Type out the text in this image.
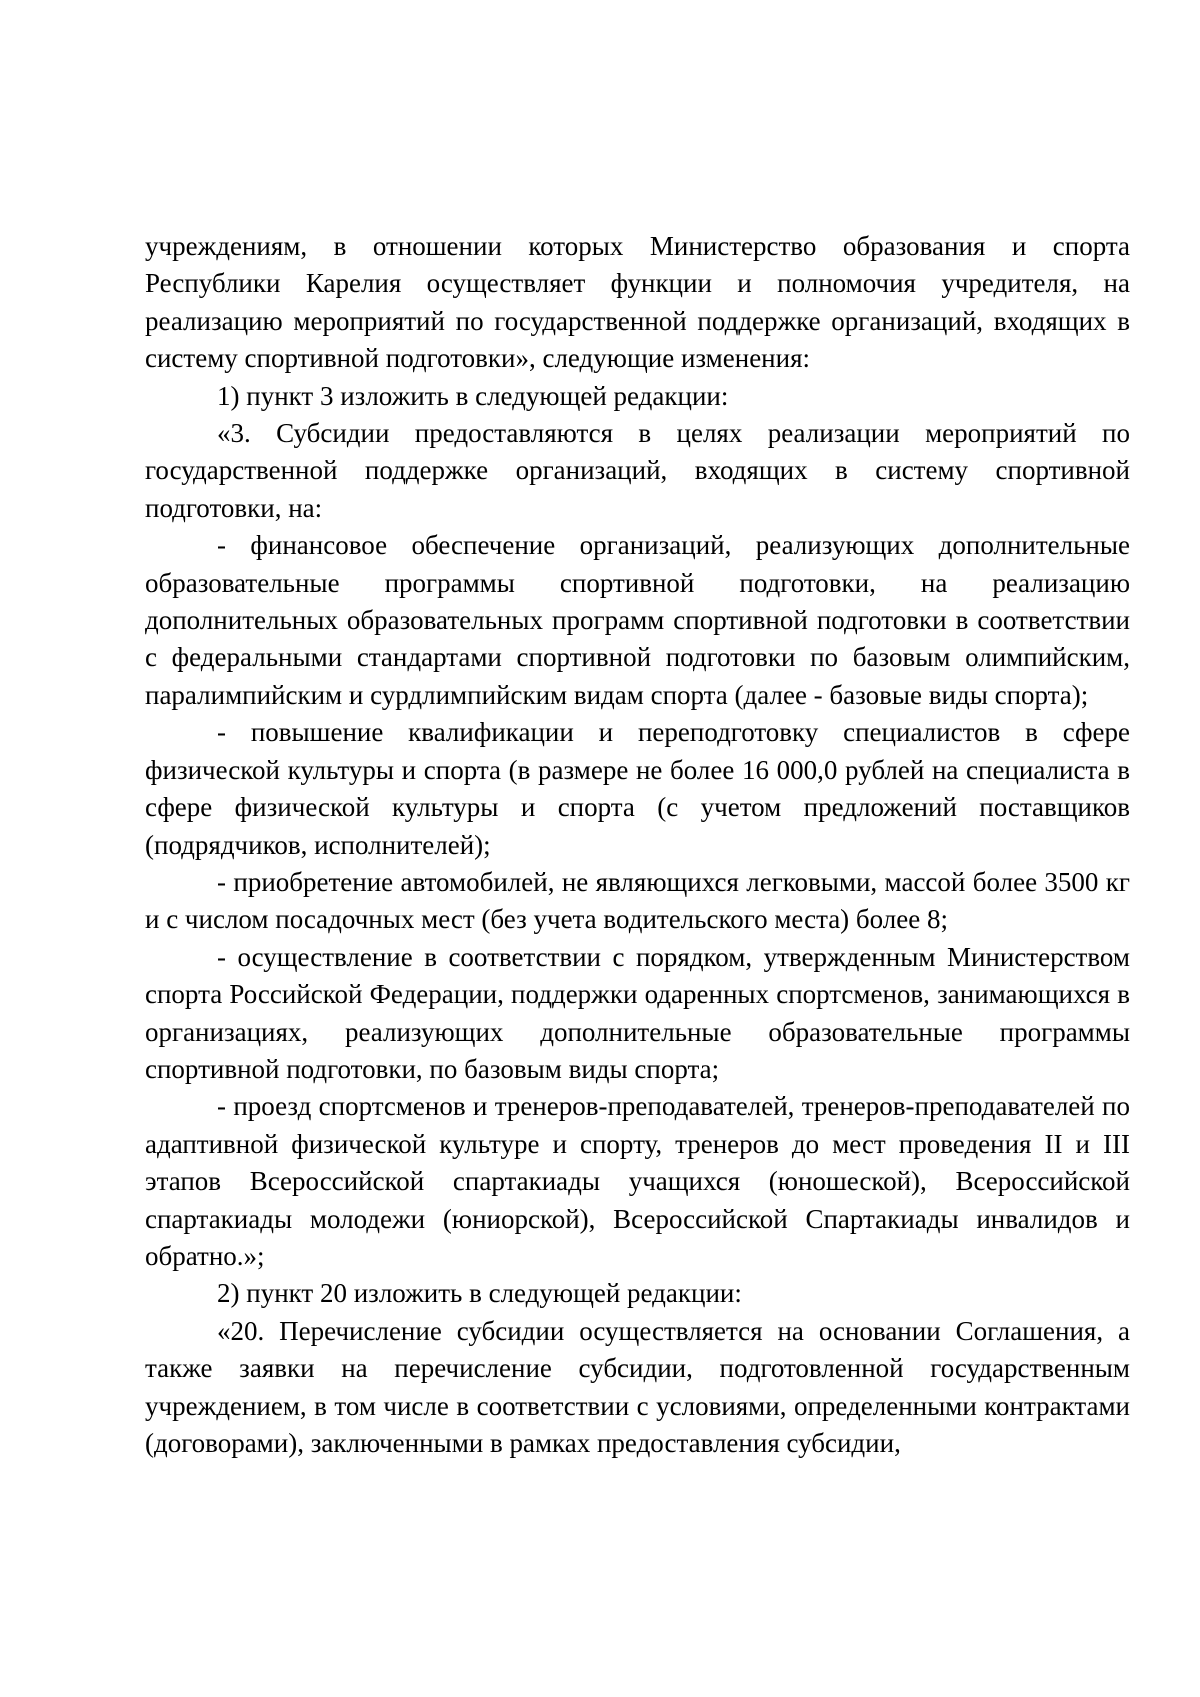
учреждениям, в отношении которых Министерство образования и спорта Республики Карелия осуществляет функции и полномочия учредителя, на реализацию мероприятий по государственной поддержке организаций, входящих в систему спортивной подготовки», следующие изменения:

1) пункт 3 изложить в следующей редакции:

«3. Субсидии предоставляются в целях реализации мероприятий по государственной поддержке организаций, входящих в систему спортивной подготовки, на:

- финансовое обеспечение организаций, реализующих дополнительные образовательные программы спортивной подготовки, на реализацию дополнительных образовательных программ спортивной подготовки в соответствии с федеральными стандартами спортивной подготовки по базовым олимпийским, паралимпийским и сурдлимпийским видам спорта (далее - базовые виды спорта);

- повышение квалификации и переподготовку специалистов в сфере физической культуры и спорта (в размере не более 16 000,0 рублей на специалиста в сфере физической культуры и спорта (с учетом предложений поставщиков (подрядчиков, исполнителей);

- приобретение автомобилей, не являющихся легковыми, массой более 3500 кг и с числом посадочных мест (без учета водительского места) более 8;

- осуществление в соответствии с порядком, утвержденным Министерством спорта Российской Федерации, поддержки одаренных спортсменов, занимающихся в организациях, реализующих дополнительные образовательные программы спортивной подготовки, по базовым виды спорта;

- проезд спортсменов и тренеров-преподавателей, тренеров-преподавателей по адаптивной физической культуре и спорту, тренеров до мест проведения II и III этапов Всероссийской спартакиады учащихся (юношеской), Всероссийской спартакиады молодежи (юниорской), Всероссийской Спартакиады инвалидов и обратно.»;

2) пункт 20 изложить в следующей редакции:

«20. Перечисление субсидии осуществляется на основании Соглашения, а также заявки на перечисление субсидии, подготовленной государственным учреждением, в том числе в соответствии с условиями, определенными контрактами (договорами), заключенными в рамках предоставления субсидии,
